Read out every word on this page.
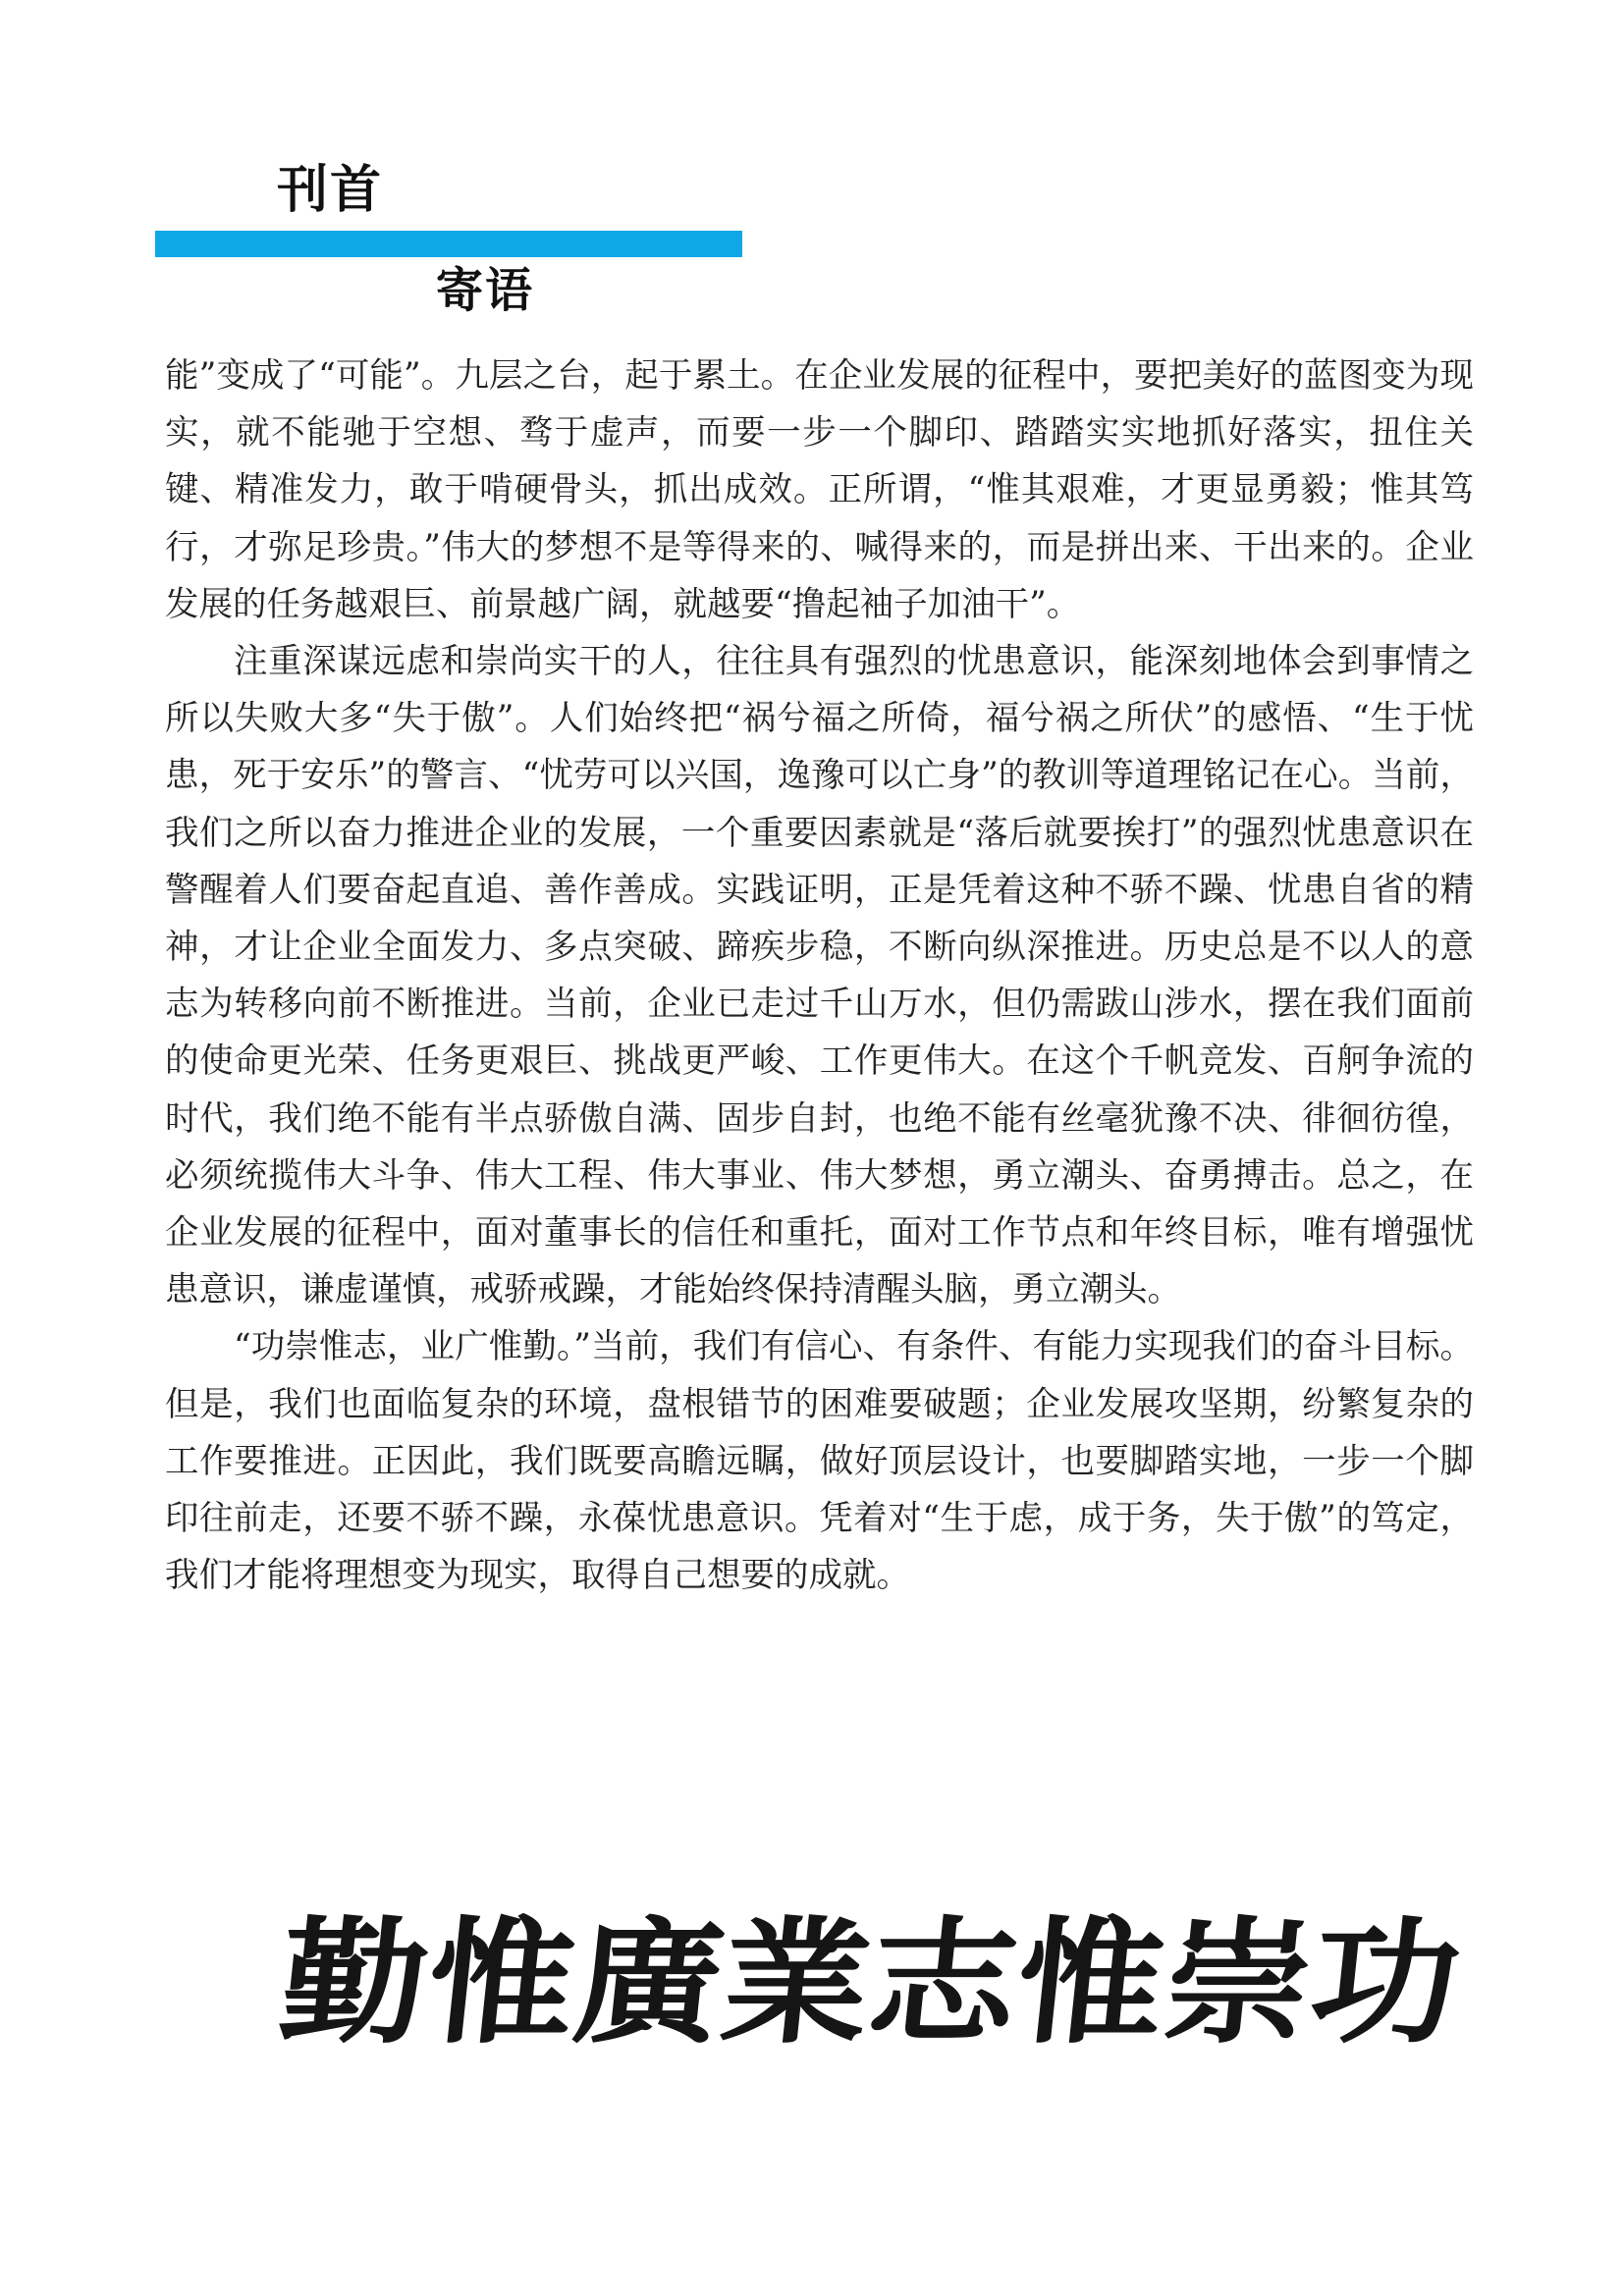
刊首
寄语

能”变成了“可能”。九层之台，起于累土。在企业发展的征程中，要把美好的蓝图变为现实，就不能驰于空想、骛于虚声，而要一步一个脚印、踏踏实实地抓好落实，扭住关键、精准发力，敢于啃硬骨头，抓出成效。正所谓，“惟其艰难，才更显勇毅；惟其笃行，才弥足珍贵。”伟大的梦想不是等得来的、喊得来的，而是拼出来、干出来的。企业发展的任务越艰巨、前景越广阔，就越要“撸起袖子加油干”。

注重深谋远虑和崇尚实干的人，往往具有强烈的忧患意识，能深刻地体会到事情之所以失败大多“失于傲”。人们始终把“祸兮福之所倚，福兮祸之所伏”的感悟、“生于忧患，死于安乐”的警言、“忧劳可以兴国，逸豫可以亡身”的教训等道理铭记在心。当前，我们之所以奋力推进企业的发展，一个重要因素就是“落后就要挨打”的强烈忧患意识在警醒着人们要奋起直追、善作善成。实践证明，正是凭着这种不骄不躁、忧患自省的精神，才让企业全面发力、多点突破、蹄疾步稳，不断向纵深推进。历史总是不以人的意志为转移向前不断推进。当前，企业已走过千山万水，但仍需跋山涉水，摆在我们面前的使命更光荣、任务更艰巨、挑战更严峻、工作更伟大。在这个千帆竞发、百舸争流的时代，我们绝不能有半点骄傲自满、固步自封，也绝不能有丝毫犹豫不决、徘徊彷徨，必须统揽伟大斗争、伟大工程、伟大事业、伟大梦想，勇立潮头、奋勇搏击。总之，在企业发展的征程中，面对董事长的信任和重托，面对工作节点和年终目标，唯有增强忧患意识，谦虚谨慎，戒骄戒躁，才能始终保持清醒头脑，勇立潮头。

“功崇惟志，业广惟勤。”当前，我们有信心、有条件、有能力实现我们的奋斗目标。但是，我们也面临复杂的环境，盘根错节的困难要破题；企业发展攻坚期，纷繁复杂的工作要推进。正因此，我们既要高瞻远瞩，做好顶层设计，也要脚踏实地，一步一个脚印往前走，还要不骄不躁，永葆忧患意识。凭着对“生于虑，成于务，失于傲”的笃定，我们才能将理想变为现实，取得自己想要的成就。

勤
惟
廣
業
志
惟
崇
功
